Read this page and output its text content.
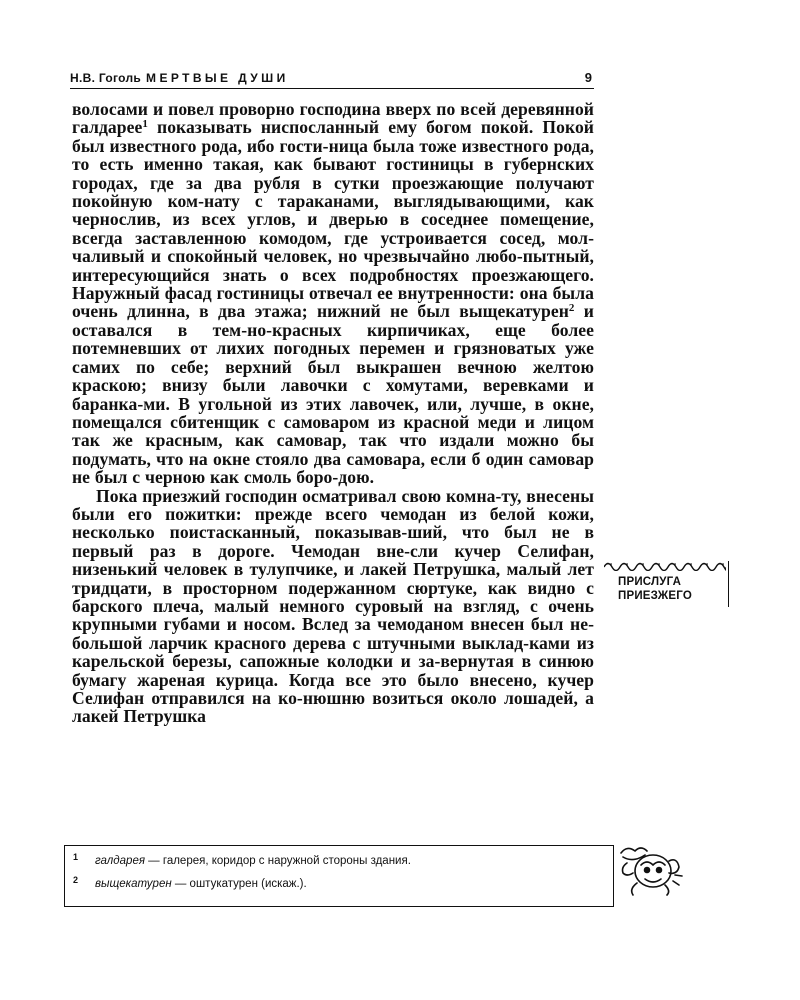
Н.В. Гоголь МЕРТВЫЕ ДУШИ	9

волосами и повел проворно господина вверх по всей деревянной галдарее$^1$ показывать ниспосланный ему богом покой. Покой был известного рода, ибо гости-ница была тоже известного рода, то есть именно такая, как бывают гостиницы в губернских городах, где за два рубля в сутки проезжающие получают покойную ком-нату с тараканами, выглядывающими, как чернослив, из всех углов, и дверью в соседнее помещение, всегда заставленною комодом, где устроивается сосед, мол-чаливый и спокойный человек, но чрезвычайно любо-пытный, интересующийся знать о всех подробностях проезжающего. Наружный фасад гостиницы отвечал ее внутренности: она была очень длинна, в два этажа; нижний не был выщекатурен$^2$ и оставался в тем-но-красных кирпичиках, еще более потемневших от лихих погодных перемен и грязноватых уже самих по себе; верхний был выкрашен вечною желтою краскою; внизу были лавочки с хомутами, веревками и баранка-ми. В угольной из этих лавочек, или, лучше, в окне, помещался сбитенщик с самоваром из красной меди и лицом так же красным, как самовар, так что издали можно бы подумать, что на окне стояло два самовара, если б один самовар не был с черною как смоль боро-дою.

Пока приезжий господин осматривал свою комна-ту, внесены были его пожитки: прежде всего чемодан из белой кожи, несколько поистасканный, показывав-ший, что был не в первый раз в дороге. Чемодан вне-сли кучер Селифан, низенький человек в тулупчике, и лакей Петрушка, малый лет тридцати, в просторном подержанном сюртуке, как видно с барского плеча, малый немного суровый на взгляд, с очень крупными губами и носом. Вслед за чемоданом внесен был не-большой ларчик красного дерева с штучными выклад-ками из карельской березы, сапожные колодки и за-вернутая в синюю бумагу жареная курица. Когда все это было внесено, кучер Селифан отправился на ко-нюшню возиться около лошадей, а лакей Петрушка

ПРИСЛУГА
ПРИЕЗЖЕГО
1 галдарея — галерея, коридор с наружной стороны здания.
2 выщекатурен — оштукатурен (искаж.).
